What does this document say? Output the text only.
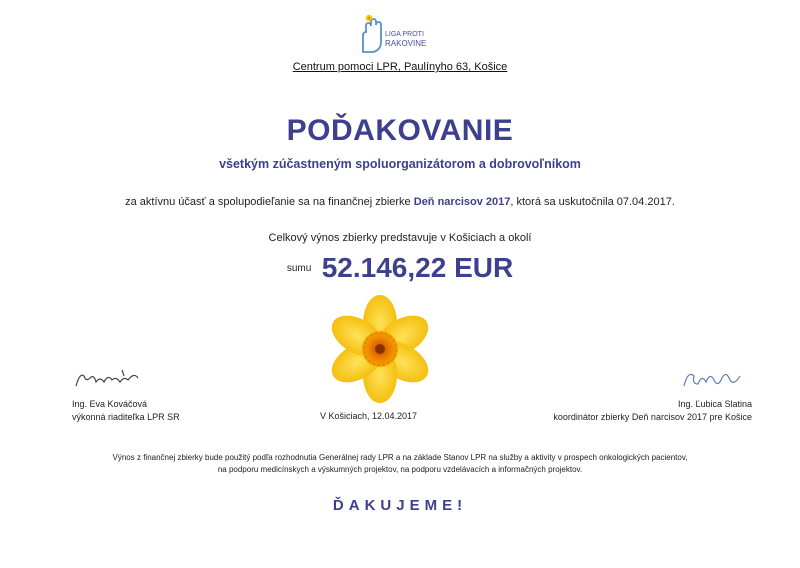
LIGA PROTI
RAKOVINE
Centrum pomoci LPR, Paulínyho 63, Košice
POĎAKOVANIE
všetkým zúčastneným spoluorganizátorom a dobrovoľníkom
za aktívnu účasť a spolupodieľanie sa na finančnej zbierke Deň narcisov 2017, ktorá sa uskutočnila 07.04.2017.
Celkový výnos zbierky predstavuje v Košiciach a okolí
sumu 52.146,22 EUR
Ing. Eva Kováčová
výkonná riaditeľka LPR SR	V Košiciach, 12.04.2017
Ing. Ľubica Slatina
koordinátor zbierky Deň narcisov 2017 pre Košice
Výnos z finančnej zbierky bude použitý podľa rozhodnutia Generálnej rady LPR a na základe Stanov LPR na služby a aktivity v prospech onkologických pacientov,
na podporu medicínskych a výskumných projektov, na podporu vzdelávacích a informačných projektov.
ĎAKUJEME!
